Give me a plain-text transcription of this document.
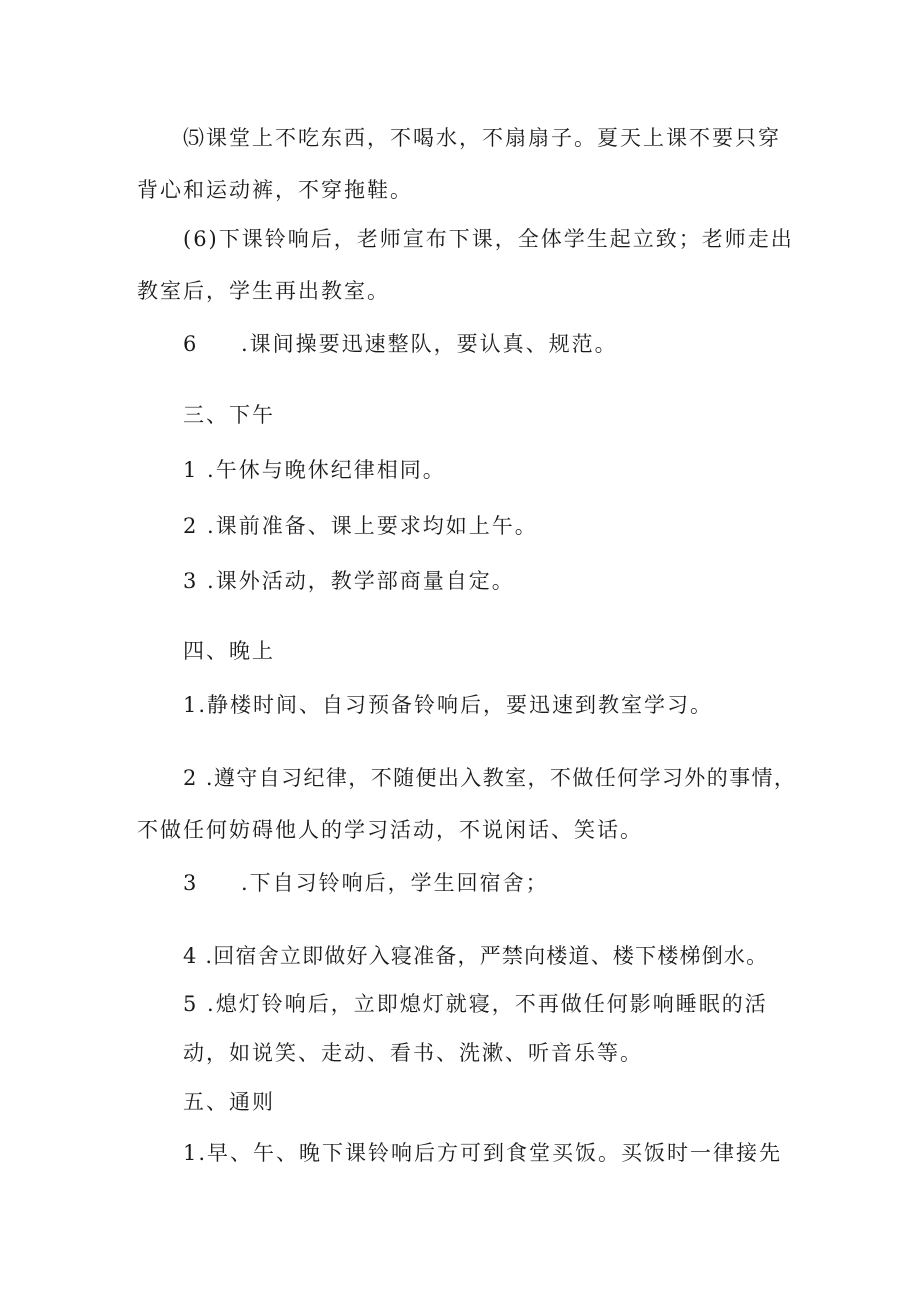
⑸课堂上不吃东西，不喝水，不扇扇子。夏天上课不要只穿
背心和运动裤，不穿拖鞋。
(6)下课铃响后，老师宣布下课，全体学生起立致；老师走出
教室后，学生再出教室。
6 .课间操要迅速整队，要认真、规范。
三、下午
1 .午休与晚休纪律相同。
2 .课前准备、课上要求均如上午。
3 .课外活动，教学部商量自定。
四、晚上
1.静楼时间、自习预备铃响后，要迅速到教室学习。
2 .遵守自习纪律，不随便出入教室，不做任何学习外的事情，
不做任何妨碍他人的学习活动，不说闲话、笑话。
3 .下自习铃响后，学生回宿舍；
4 .回宿舍立即做好入寝准备，严禁向楼道、楼下楼梯倒水。
5 .熄灯铃响后，立即熄灯就寝，不再做任何影响睡眠的活
动，如说笑、走动、看书、洗漱、听音乐等。
五、通则
1.早、午、晚下课铃响后方可到食堂买饭。买饭时一律接先
